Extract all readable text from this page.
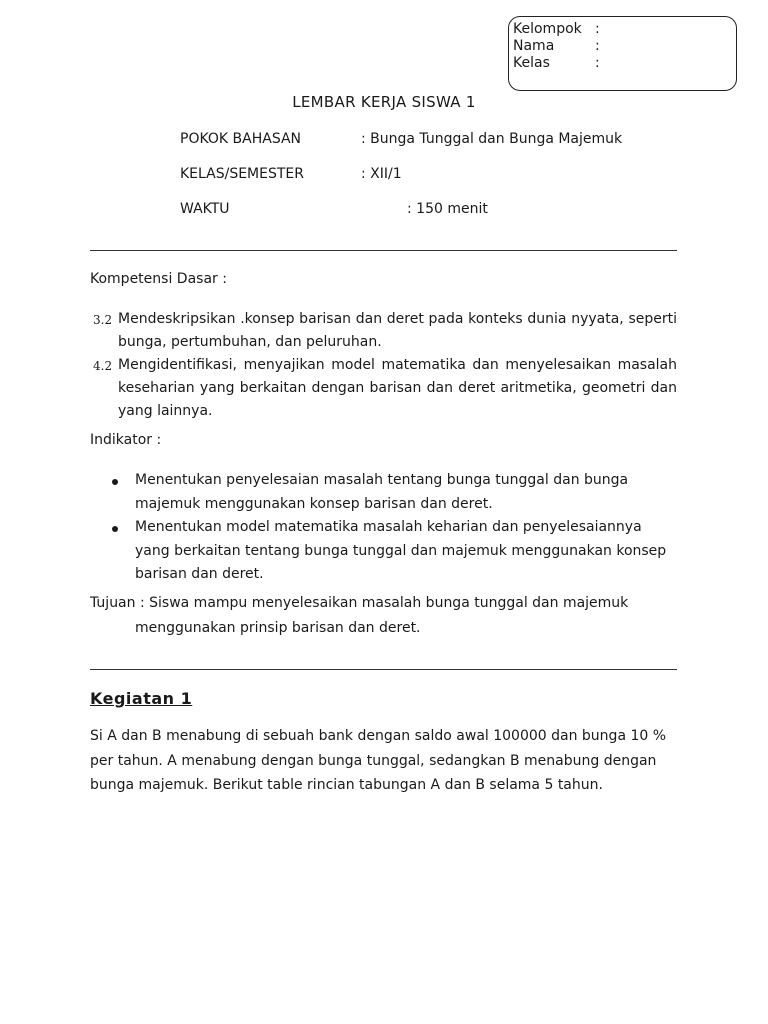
Kelompok :
Nama	:
Kelas	:
LEMBAR KERJA SISWA 1
POKOK BAHASAN	: Bunga Tunggal dan Bunga Majemuk
KELAS/SEMESTER	: XII/1
WAKTU	: 150 menit
Kompetensi Dasar :
3.2 Mendeskripsikan .konsep barisan dan deret pada konteks dunia nyyata, seperti bunga, pertumbuhan, dan peluruhan.
4.2 Mengidentifikasi, menyajikan model matematika dan menyelesaikan masalah keseharian yang berkaitan dengan barisan dan deret aritmetika, geometri dan yang lainnya.
Indikator :
Menentukan penyelesaian masalah tentang bunga tunggal dan bunga majemuk menggunakan konsep barisan dan deret.
Menentukan model matematika masalah keharian dan penyelesaiannya yang berkaitan tentang bunga tunggal dan majemuk menggunakan konsep barisan dan deret.
Tujuan : Siswa mampu menyelesaikan masalah bunga tunggal dan majemuk
menggunakan prinsip barisan dan deret.
Kegiatan 1
Si A dan B menabung di sebuah bank dengan saldo awal 100000 dan bunga 10 % per tahun. A menabung dengan bunga tunggal, sedangkan B menabung dengan bunga majemuk. Berikut table rincian tabungan A dan B selama 5 tahun.
